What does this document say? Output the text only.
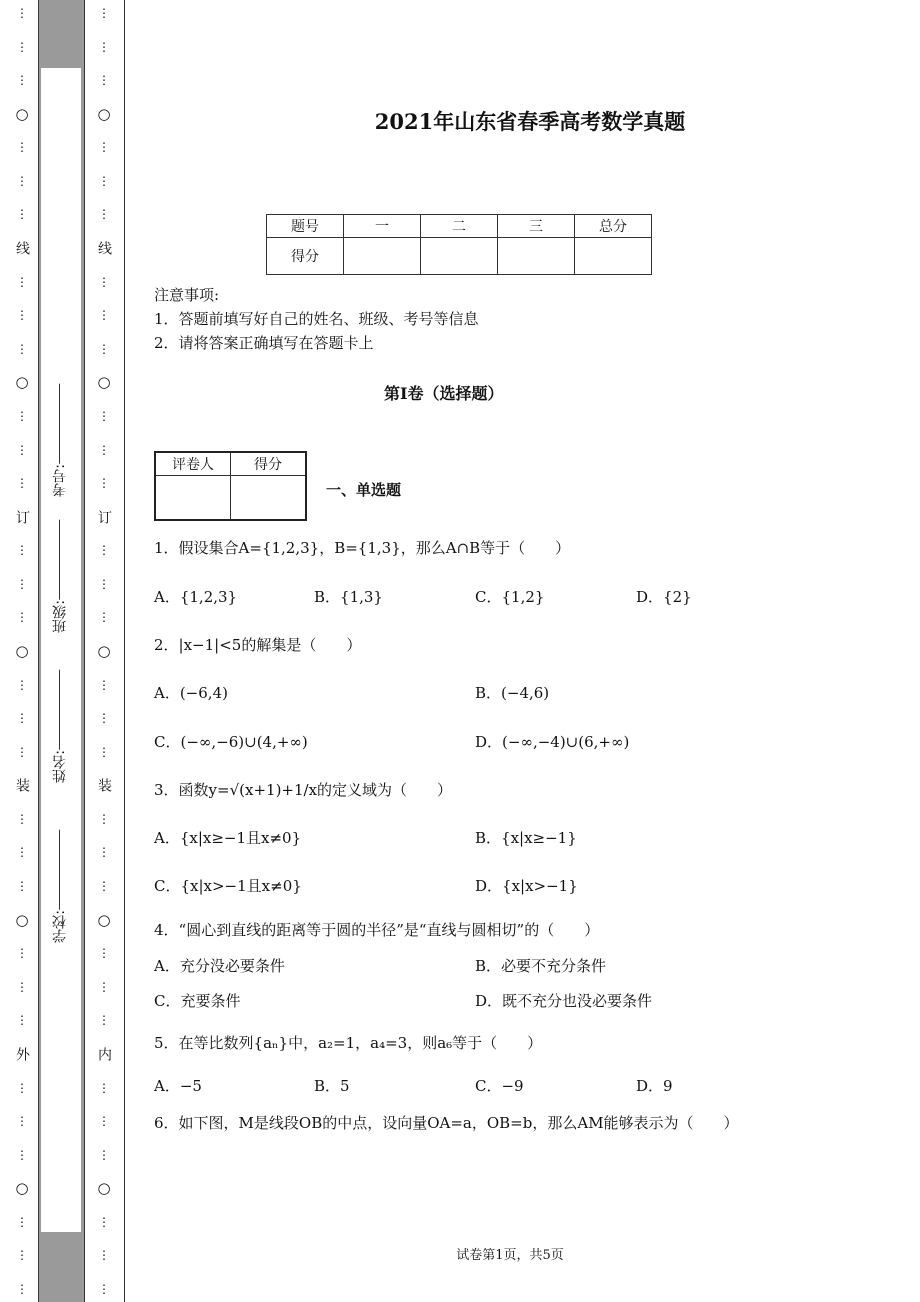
⋮
⋮
⋮
○
⋮
⋮
⋮
线
⋮
⋮
⋮
○
⋮
⋮
⋮
订
⋮
⋮
⋮
○
⋮
⋮
⋮
装
⋮
⋮
⋮
○
⋮
⋮
⋮
外
⋮
⋮
⋮
○
⋮
⋮
⋮
⋮
⋮
⋮
○
⋮
⋮
⋮
线
⋮
⋮
⋮
○
⋮
⋮
⋮
订
⋮
⋮
⋮
○
⋮
⋮
⋮
装
⋮
⋮
⋮
○
⋮
⋮
⋮
内
⋮
⋮
⋮
○
⋮
⋮
⋮
学校:
姓名:
班级:
考号:
2021年山东省春季高考数学真题
题号	一	二	三	总分
得分				
注意事项:
1．答题前填写好自己的姓名、班级、考号等信息
2．请将答案正确填写在答题卡上
第I卷（选择题）
评卷人	得分

一、单选题
1．假设集合A={1,2,3}，B={1,3}，那么A∩B等于（　　）
A．{1,2,3}	B．{1,3}	C．{1,2}	D．{2}
2．|x−1|<5的解集是（　　）
A．(−6,4)	B．(−4,6)
C．(−∞,−6)∪(4,+∞)	D．(−∞,−4)∪(6,+∞)
3．函数y=√(x+1)+1/x的定义域为（　　）
A．{x|x≥−1且x≠0}	B．{x|x≥−1}
C．{x|x>−1且x≠0}	D．{x|x>−1}
4．“圆心到直线的距离等于圆的半径”是“直线与圆相切”的（　　）
A．充分没必要条件	B．必要不充分条件
C．充要条件	D．既不充分也没必要条件
5．在等比数列{aₙ}中，a₂=1，a₄=3，则a₆等于（　　）
A．−5	B．5	C．−9	D．9
6．如下图，M是线段OB的中点，设向量OA=a，OB=b，那么AM能够表示为（　　）
试卷第1页，共5页
